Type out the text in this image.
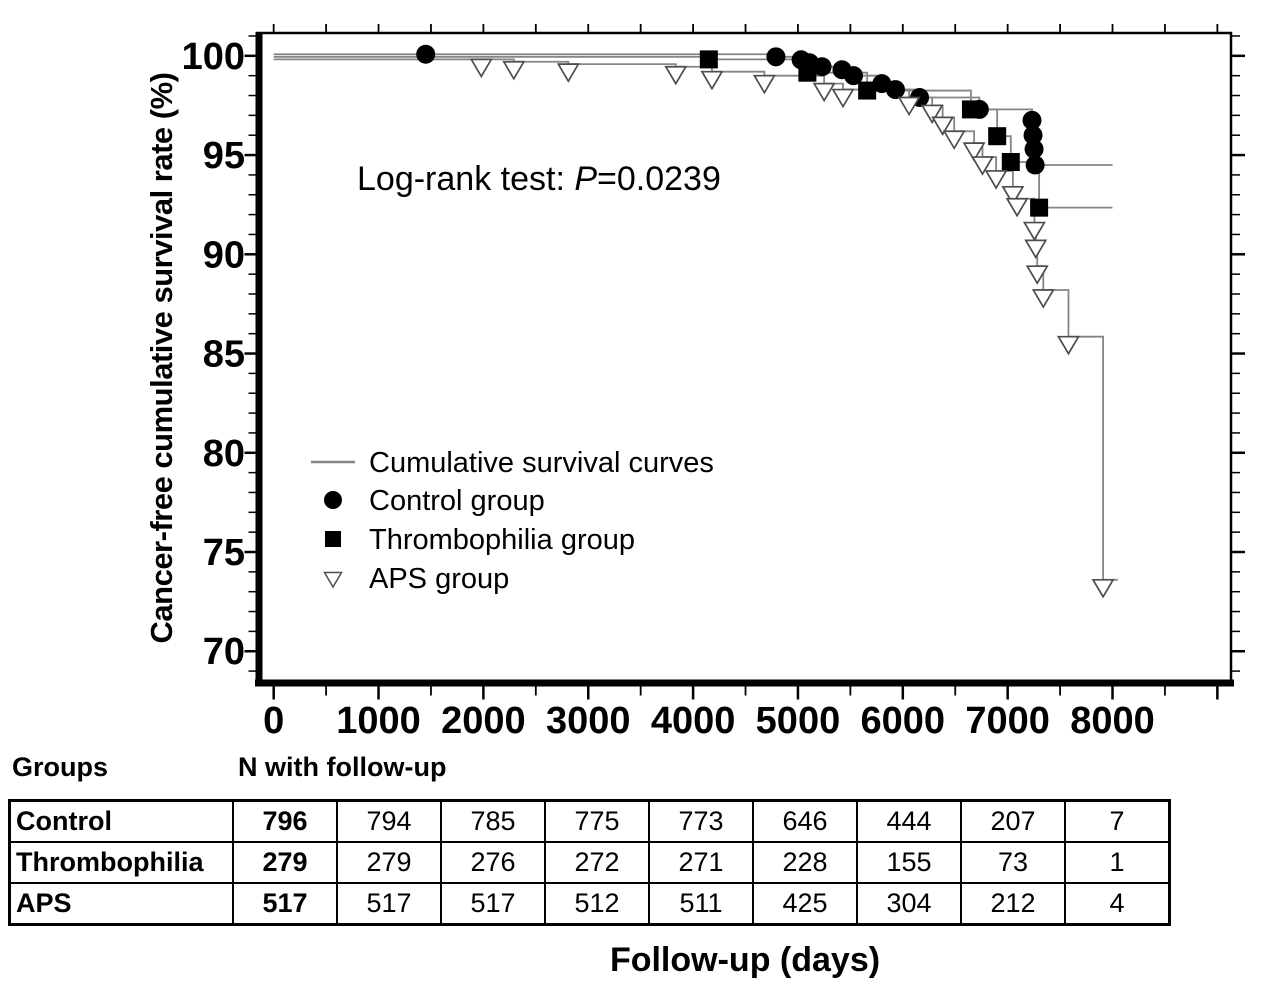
0 1000 2000 3000 4000 5000 6000 7000 8000
70
75
80
85
90
95
100
Cancer-free cumulative survival rate (%)	Log-rank test: P=0.0239
Cumulative survival curves
Control group
Thrombophilia group
APS group
Groups	N with follow-up
Control	796	794	785	775	773	646	444	207	7
Thrombophilia	279	279	276	272	271	228	155	73	1
APS	517	517	517	512	511	425	304	212	4
Follow-up (days)
